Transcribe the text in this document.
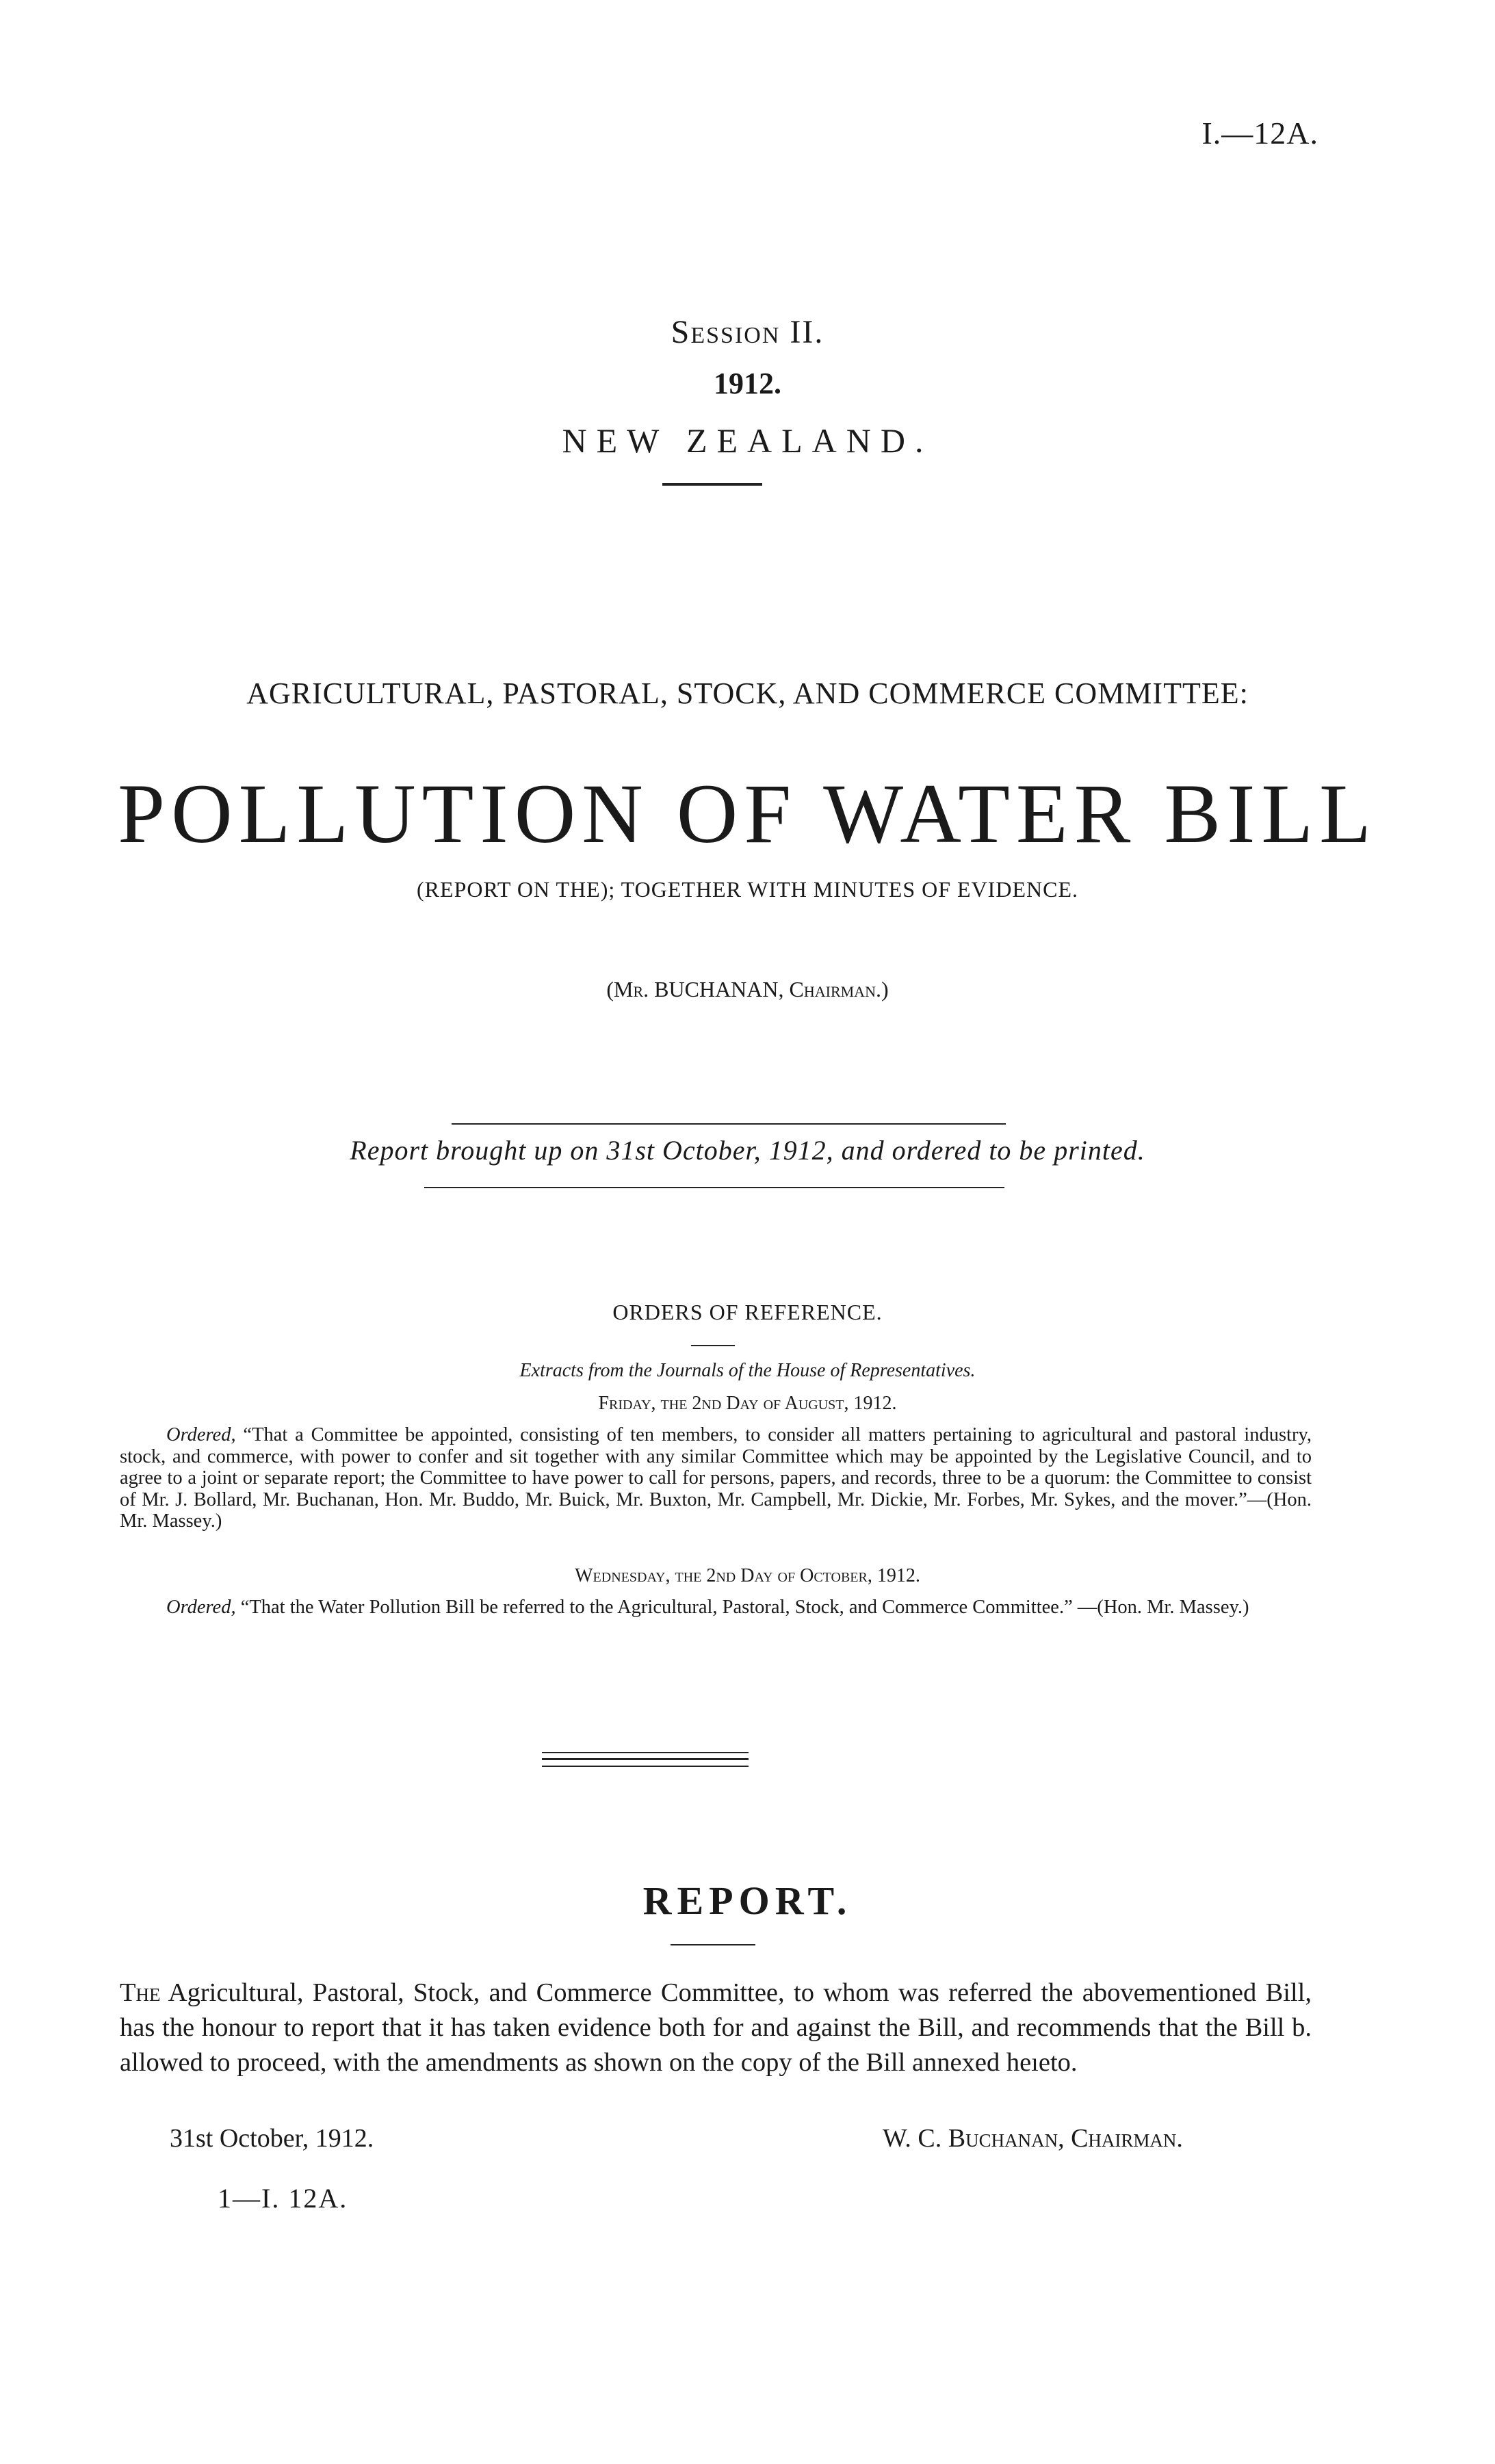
I.—12A.
Session II.
1912.
NEW ZEALAND.
AGRICULTURAL, PASTORAL, STOCK, AND COMMERCE COMMITTEE:
POLLUTION OF WATER BILL
(REPORT ON THE); TOGETHER WITH MINUTES OF EVIDENCE.
(Mr. BUCHANAN, Chairman.)
Report brought up on 31st October, 1912, and ordered to be printed.
ORDERS OF REFERENCE.
Extracts from the Journals of the House of Representatives.
Friday, the 2nd Day of August, 1912.
Ordered, “That a Committee be appointed, consisting of ten members, to consider all matters pertaining to agricultural and pastoral industry, stock, and commerce, with power to confer and sit together with any similar Committee which may be appointed by the Legislative Council, and to agree to a joint or separate report; the Committee to have power to call for persons, papers, and records, three to be a quorum: the Committee to consist of Mr. J. Bollard, Mr. Buchanan, Hon. Mr. Buddo, Mr. Buick, Mr. Buxton, Mr. Campbell, Mr. Dickie, Mr. Forbes, Mr. Sykes, and the mover.”—(Hon. Mr. Massey.)
Wednesday, the 2nd Day of October, 1912.
Ordered, “That the Water Pollution Bill be referred to the Agricultural, Pastoral, Stock, and Commerce Committee.” —(Hon. Mr. Massey.)
REPORT.
The Agricultural, Pastoral, Stock, and Commerce Committee, to whom was referred the abovementioned Bill, has the honour to report that it has taken evidence both for and against the Bill, and recommends that the Bill b. allowed to proceed, with the amendments as shown on the copy of the Bill annexed heıeto.
31st October, 1912.	W. C. Buchanan, Chairman.
1—I. 12A.
